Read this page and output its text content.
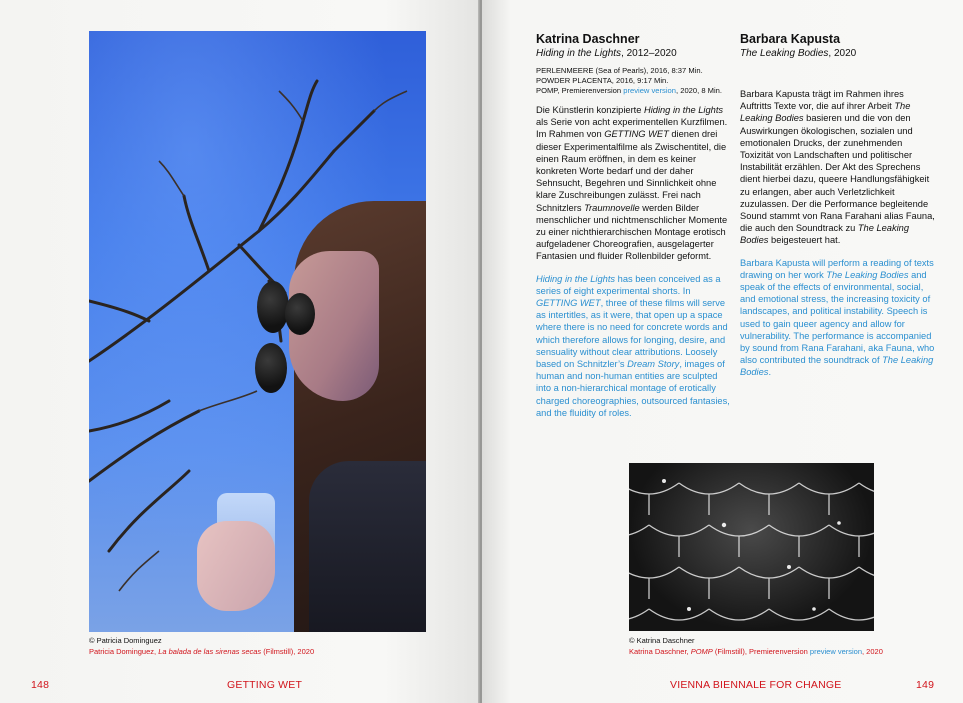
© Patricia Dominguez
Patricia Dominguez, La balada de las sirenas secas (Filmstill), 2020
148	GETTING WET
Katrina Daschner
Hiding in the Lights, 2012–2020
PERLENMEERE (Sea of Pearls), 2016, 8:37 Min.
POWDER PLACENTA, 2016, 9:17 Min.
POMP, Premierenversion preview version, 2020, 8 Min.

Die Künstlerin konzipierte Hiding in the Lights als Serie von acht experimentellen Kurzfilmen. Im Rahmen von GETTING WET dienen drei dieser Experimentalfilme als Zwischentitel, die einen Raum eröffnen, in dem es keiner konkreten Worte bedarf und der daher Sehnsucht, Begehren und Sinnlichkeit ohne klare Zuschreibungen zulässt. Frei nach Schnitzlers Traumnovelle werden Bilder menschlicher und nichtmenschlicher Momente zu einer nichthierarchischen Montage erotisch aufgeladener Choreografien, ausgelagerter Fantasien und fluider Rollenbilder geformt.

Hiding in the Lights has been conceived as a series of eight experimental shorts. In GETTING WET, three of these films will serve as intertitles, as it were, that open up a space where there is no need for concrete words and which therefore allows for longing, desire, and sensuality without clear attributions. Loosely based on Schnitzler’s Dream Story, images of human and non-human entities are sculpted into a non-hierarchical montage of erotically charged choreographies, outsourced fantasies, and the fluidity of roles.

Barbara Kapusta
The Leaking Bodies, 2020

Barbara Kapusta trägt im Rahmen ihres Auftritts Texte vor, die auf ihrer Arbeit The Leaking Bodies basieren und die von den Auswirkungen ökologischen, sozialen und emotionalen Drucks, der zunehmenden Toxizität von Landschaften und politischer Instabilität erzählen. Der Akt des Sprechens dient hierbei dazu, queere Handlungsfähigkeit zu erlangen, aber auch Verletzlichkeit zuzulassen. Der die Performance begleitende Sound stammt von Rana Farahani alias Fauna, die auch den Soundtrack zu The Leaking Bodies beigesteuert hat.

Barbara Kapusta will perform a reading of texts drawing on her work The Leaking Bodies and speak of the effects of environmental, social, and emotional stress, the increasing toxicity of landscapes, and political instability. Speech is used to gain queer agency and allow for vulnerability. The performance is accompanied by sound from Rana Farahani, aka Fauna, who also contributed the soundtrack of The Leaking Bodies.

© Katrina Daschner
Katrina Daschner, POMP (Filmstill), Premierenversion preview version, 2020
VIENNA BIENNALE FOR CHANGE	149
